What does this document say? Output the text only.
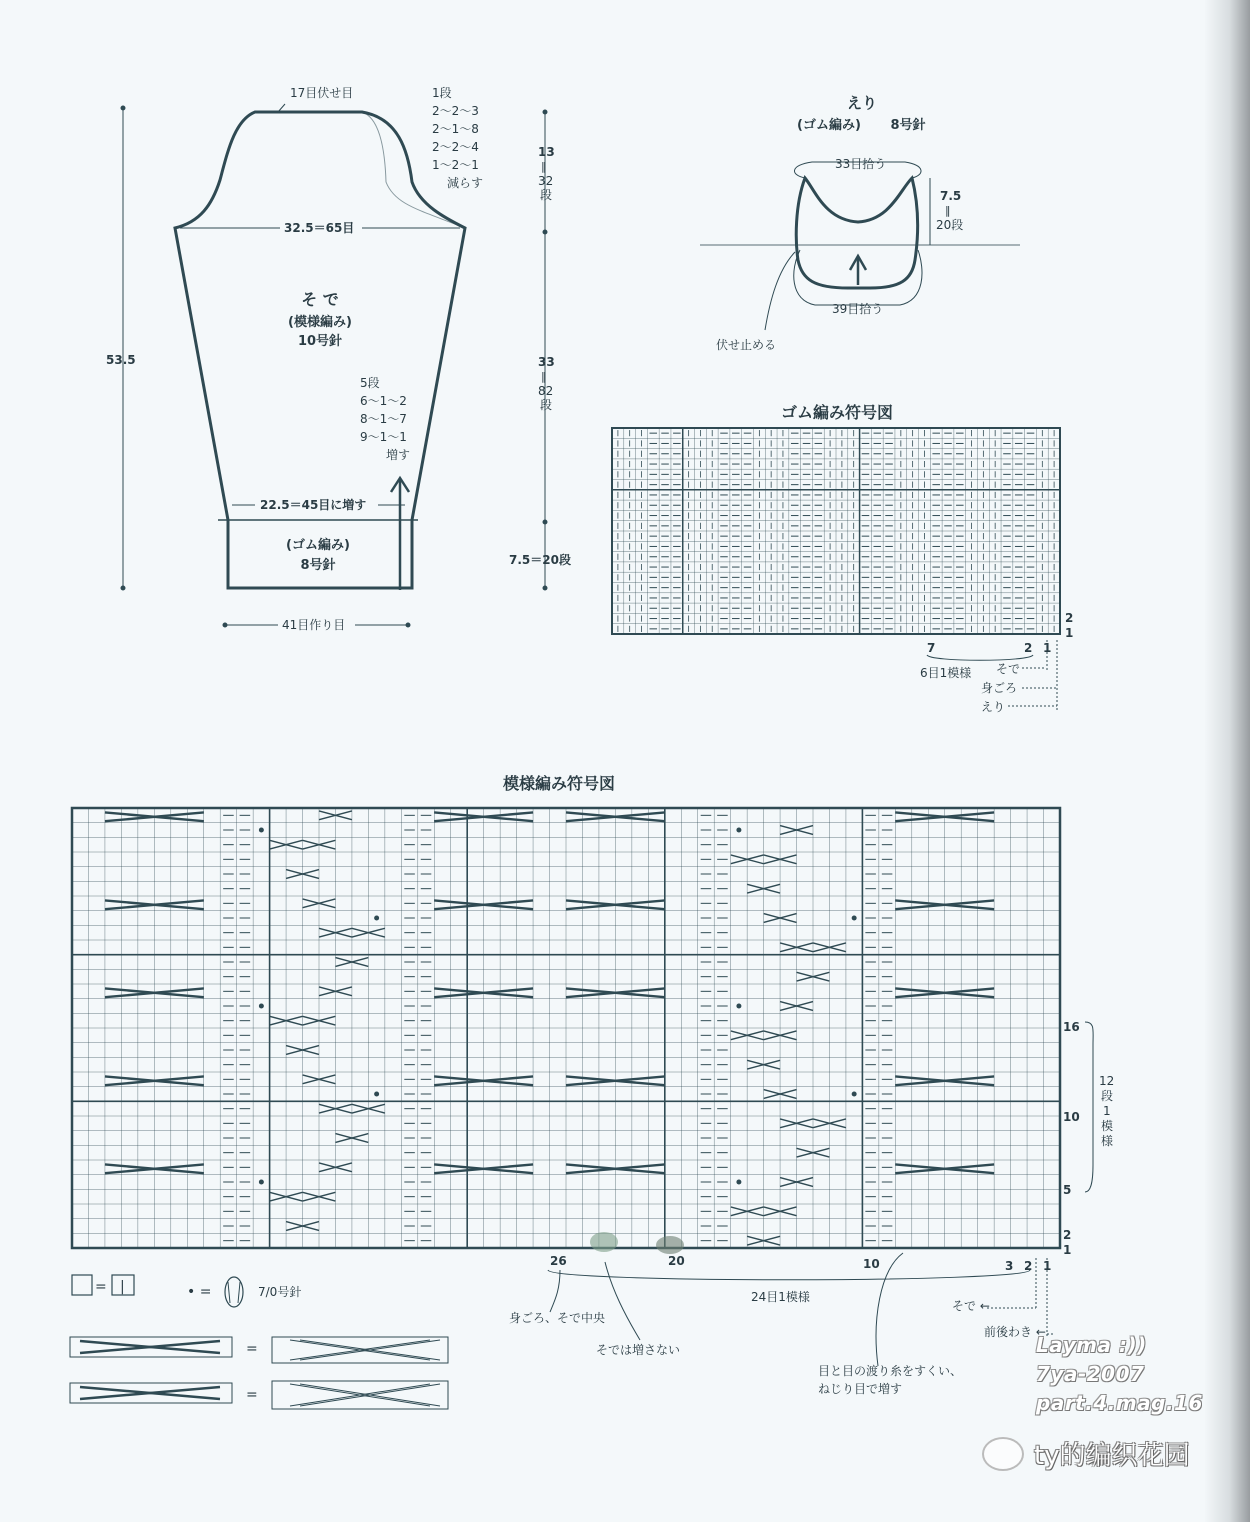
17目伏せ目	1段
2〜2〜3
2〜1〜8
2〜2〜4
1〜2〜1
減らす
13
‖
32
段
53.5
32.5＝65目
そ で
(模様編み)
10号針
5段
6〜1〜2
8〜1〜7
9〜1〜1
増す
33
‖
82
段
22.5＝45目に増す
(ゴム編み)
8号針	7.5＝20段
41目作り目
えり
(ゴム編み) 8号針
33目拾う
7.5
‖
20段
39目拾う
伏せ止める
ゴム編み符号図
2
1
7	2 1
6目1模様 そで
身ごろ
えり
模様編み符号図
16
10
5
2
1
12
段
1
模
様
26	20	10	3 2 1
24目1模様
身ごろ、そで中央
そでは増さない
そで ←
前後わき ←
目と目の渡り糸をすくい、
ねじり目で増す
= |	• =	7/0号針
=
=
Layma :))
7ya-2007
part.4.mag.16
ty的编织花园
